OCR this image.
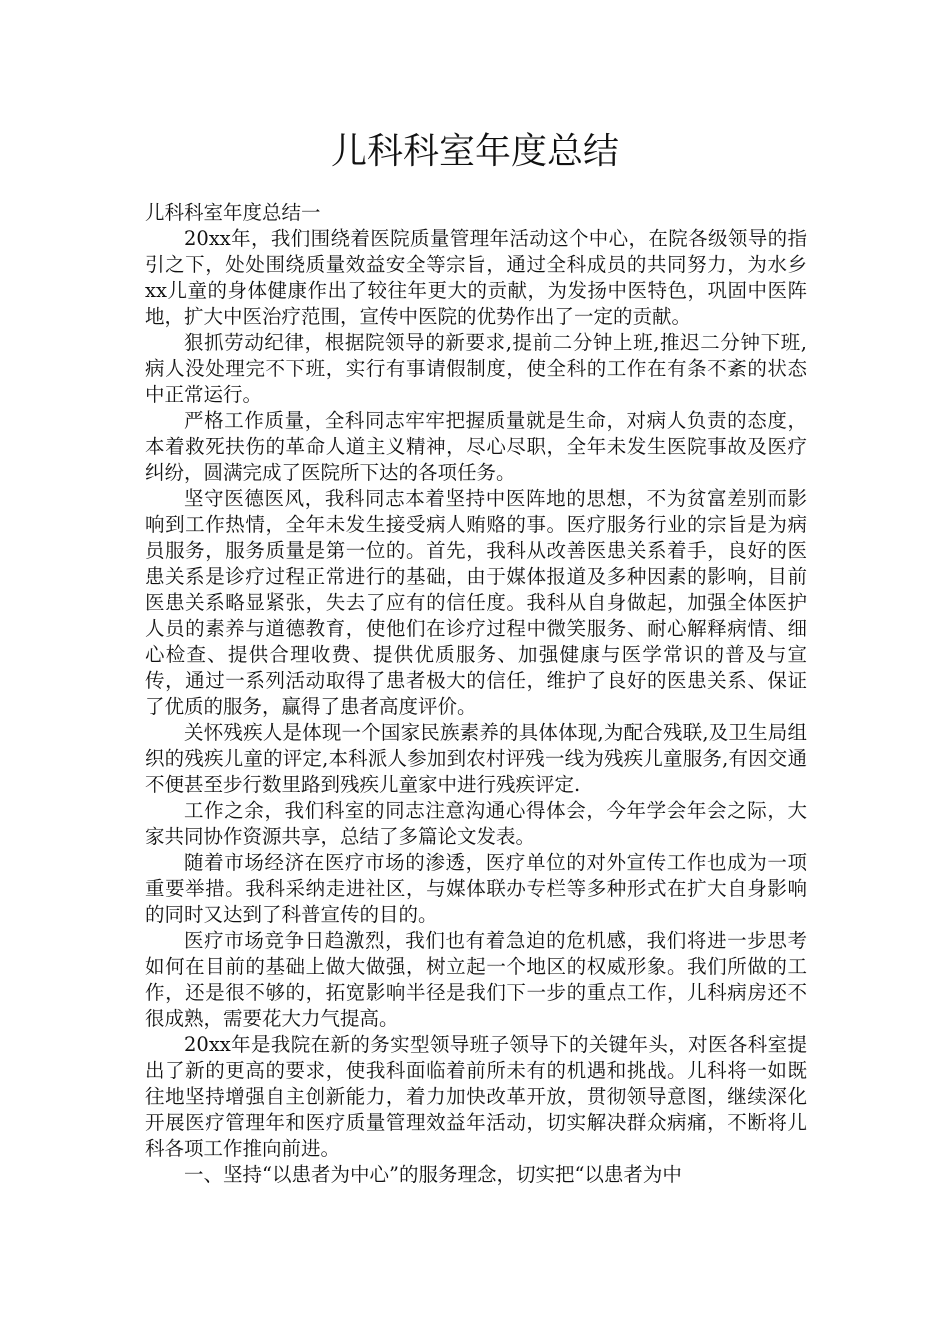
儿科科室年度总结

儿科科室年度总结一

20xx年，我们围绕着医院质量管理年活动这个中心，在院各级领导的指引之下，处处围绕质量效益安全等宗旨，通过全科成员的共同努力，为水乡xx儿童的身体健康作出了较往年更大的贡献，为发扬中医特色，巩固中医阵地，扩大中医治疗范围，宣传中医院的优势作出了一定的贡献。

狠抓劳动纪律，根据院领导的新要求,提前二分钟上班,推迟二分钟下班,病人没处理完不下班，实行有事请假制度，使全科的工作在有条不紊的状态中正常运行。

严格工作质量，全科同志牢牢把握质量就是生命，对病人负责的态度，本着救死扶伤的革命人道主义精神，尽心尽职，全年未发生医院事故及医疗纠纷，圆满完成了医院所下达的各项任务。

坚守医德医风，我科同志本着坚持中医阵地的思想，不为贫富差别而影响到工作热情，全年未发生接受病人贿赂的事。医疗服务行业的宗旨是为病员服务，服务质量是第一位的。首先，我科从改善医患关系着手，良好的医患关系是诊疗过程正常进行的基础，由于媒体报道及多种因素的影响，目前医患关系略显紧张，失去了应有的信任度。我科从自身做起，加强全体医护人员的素养与道德教育，使他们在诊疗过程中微笑服务、耐心解释病情、细心检查、提供合理收费、提供优质服务、加强健康与医学常识的普及与宣传，通过一系列活动取得了患者极大的信任，维护了良好的医患关系、保证了优质的服务，赢得了患者高度评价。

关怀残疾人是体现一个国家民族素养的具体体现,为配合残联,及卫生局组织的残疾儿童的评定,本科派人参加到农村评残一线为残疾儿童服务,有因交通不便甚至步行数里路到残疾儿童家中进行残疾评定.

工作之余，我们科室的同志注意沟通心得体会，今年学会年会之际，大家共同协作资源共享，总结了多篇论文发表。

随着市场经济在医疗市场的渗透，医疗单位的对外宣传工作也成为一项重要举措。我科采纳走进社区，与媒体联办专栏等多种形式在扩大自身影响的同时又达到了科普宣传的目的。

医疗市场竞争日趋激烈，我们也有着急迫的危机感，我们将进一步思考如何在目前的基础上做大做强，树立起一个地区的权威形象。我们所做的工作，还是很不够的，拓宽影响半径是我们下一步的重点工作，儿科病房还不很成熟，需要花大力气提高。

20xx年是我院在新的务实型领导班子领导下的关键年头，对医各科室提出了新的更高的要求，使我科面临着前所未有的机遇和挑战。儿科将一如既往地坚持增强自主创新能力，着力加快改革开放，贯彻领导意图，继续深化开展医疗管理年和医疗质量管理效益年活动，切实解决群众病痛，不断将儿科各项工作推向前进。

一、坚持“以患者为中心”的服务理念，切实把“以患者为中
